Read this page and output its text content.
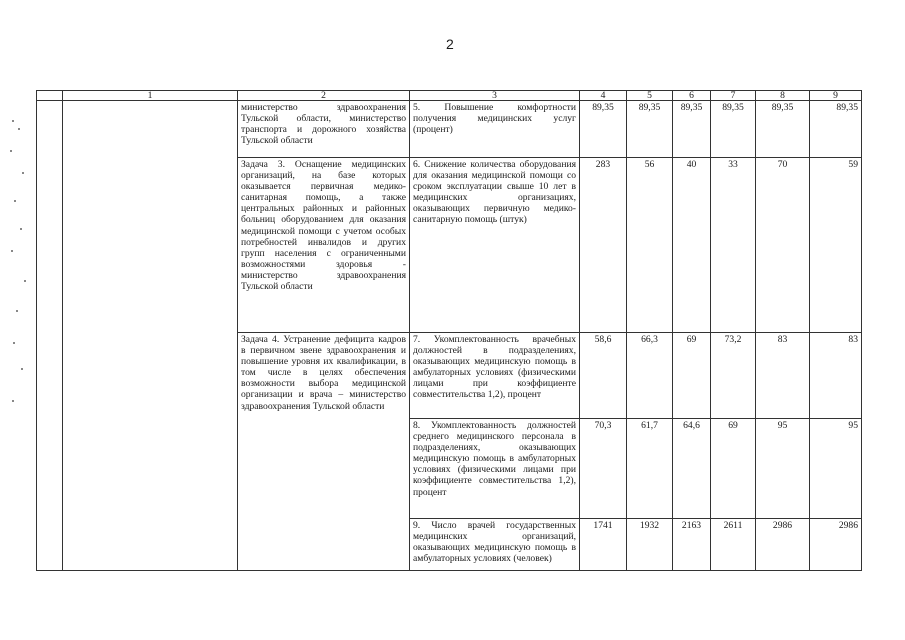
2
	1	2	3	4	5	6	7	8	9
		министерство здравоохранения Тульской области, министерство транспорта и дорожного хозяйства Тульской области	5. Повышение комфортности получения медицинских услуг (процент)	89,35	89,35	89,35	89,35	89,35	89,35
		Задача 3. Оснащение медицинских организаций, на базе которых оказывается первичная медико-санитарная помощь, а также центральных районных и районных больниц оборудованием для оказания медицинской помощи с учетом особых потребностей инвалидов и других групп населения с ограниченными возможностями здоровья - министерство здравоохранения Тульской области	6. Снижение количества оборудования для оказания медицинской помощи со сроком эксплуатации свыше 10 лет в медицинских организациях, оказывающих первичную медико-санитарную помощь (штук)	283	56	40	33	70	59
		Задача 4. Устранение дефицита кадров в первичном звене здравоохранения и повышение уровня их квалификации, в том числе в целях обеспечения возможности выбора медицинской организации и врача – министерство здравоохранения Тульской области	7. Укомплектованность врачебных должностей в подразделениях, оказывающих медицинскую помощь в амбулаторных условиях (физическими лицами при коэффициенте совместительства 1,2), процент	58,6	66,3	69	73,2	83	83
			8. Укомплектованность должностей среднего медицинского персонала в подразделениях, оказывающих медицинскую помощь в амбулаторных условиях (физическими лицами при коэффициенте совместительства 1,2), процент	70,3	61,7	64,6	69	95	95
			9. Число врачей государственных медицинских организаций, оказывающих медицинскую помощь в амбулаторных условиях (человек)	1741	1932	2163	2611	2986	2986
